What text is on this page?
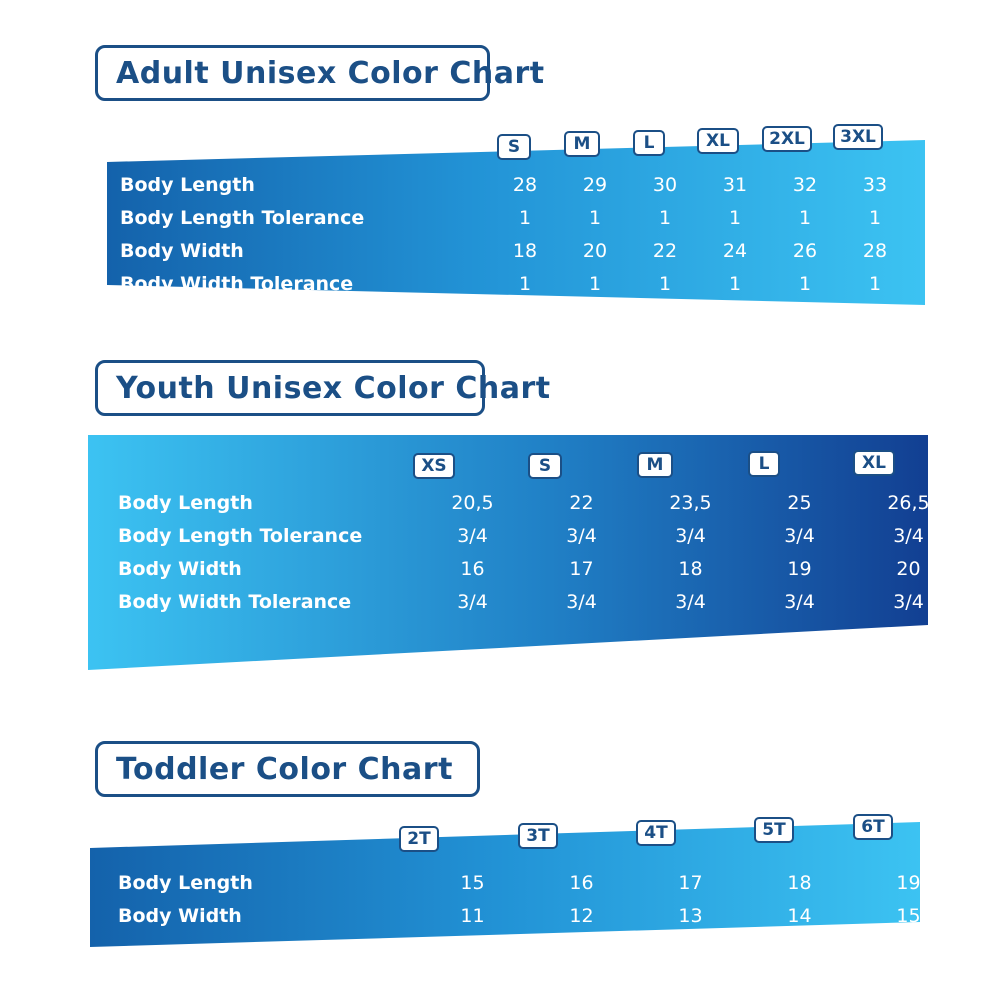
Adult Unisex Color Chart
S	M	L	XL	2XL	3XL
Body Length	28	29	30	31	32	33
Body Length Tolerance	1	1	1	1	1	1
Body Width	18	20	22	24	26	28
Body Width Tolerance	1	1	1	1	1	1
Youth Unisex Color Chart
XS	S	M	L	XL
Body Length	20,5	22	23,5	25	26,5
Body Length Tolerance	3/4	3/4	3/4	3/4	3/4
Body Width	16	17	18	19	20
Body Width Tolerance	3/4	3/4	3/4	3/4	3/4
Toddler Color Chart
2T	3T	4T	5T	6T
Body Length	15	16	17	18	19
Body Width	11	12	13	14	15
